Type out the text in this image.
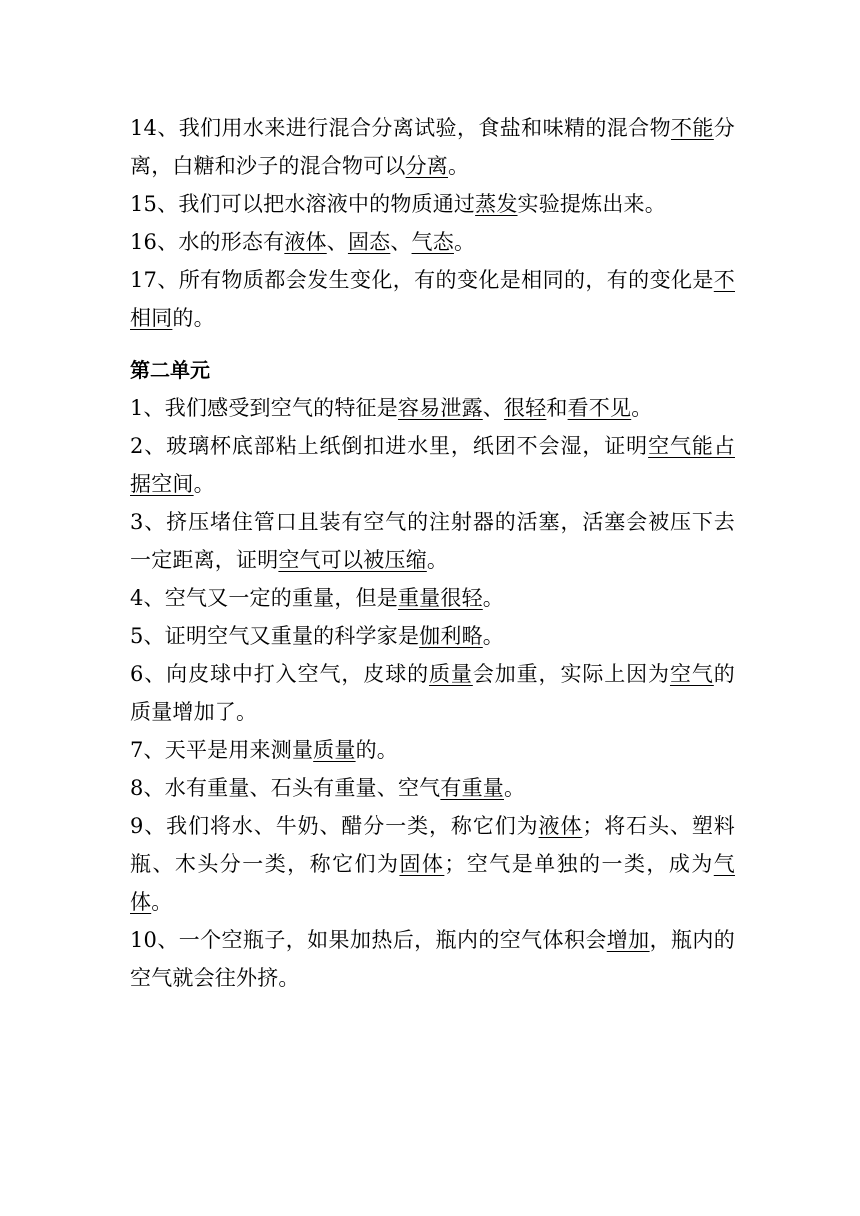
14、我们用水来进行混合分离试验，食盐和味精的混合物不能分离，白糖和沙子的混合物可以分离。

15、我们可以把水溶液中的物质通过蒸发实验提炼出来。

16、水的形态有液体、固态、气态。

17、所有物质都会发生变化，有的变化是相同的，有的变化是不相同的。

第二单元

1、我们感受到空气的特征是容易泄露、很轻和看不见。

2、玻璃杯底部粘上纸倒扣进水里，纸团不会湿，证明空气能占据空间。

3、挤压堵住管口且装有空气的注射器的活塞，活塞会被压下去一定距离，证明空气可以被压缩。

4、空气又一定的重量，但是重量很轻。

5、证明空气又重量的科学家是伽利略。

6、向皮球中打入空气，皮球的质量会加重，实际上因为空气的质量增加了。

7、天平是用来测量质量的。

8、水有重量、石头有重量、空气有重量。

9、我们将水、牛奶、醋分一类，称它们为液体；将石头、塑料瓶、木头分一类，称它们为固体；空气是单独的一类，成为气体。

10、一个空瓶子，如果加热后，瓶内的空气体积会增加，瓶内的空气就会往外挤。
